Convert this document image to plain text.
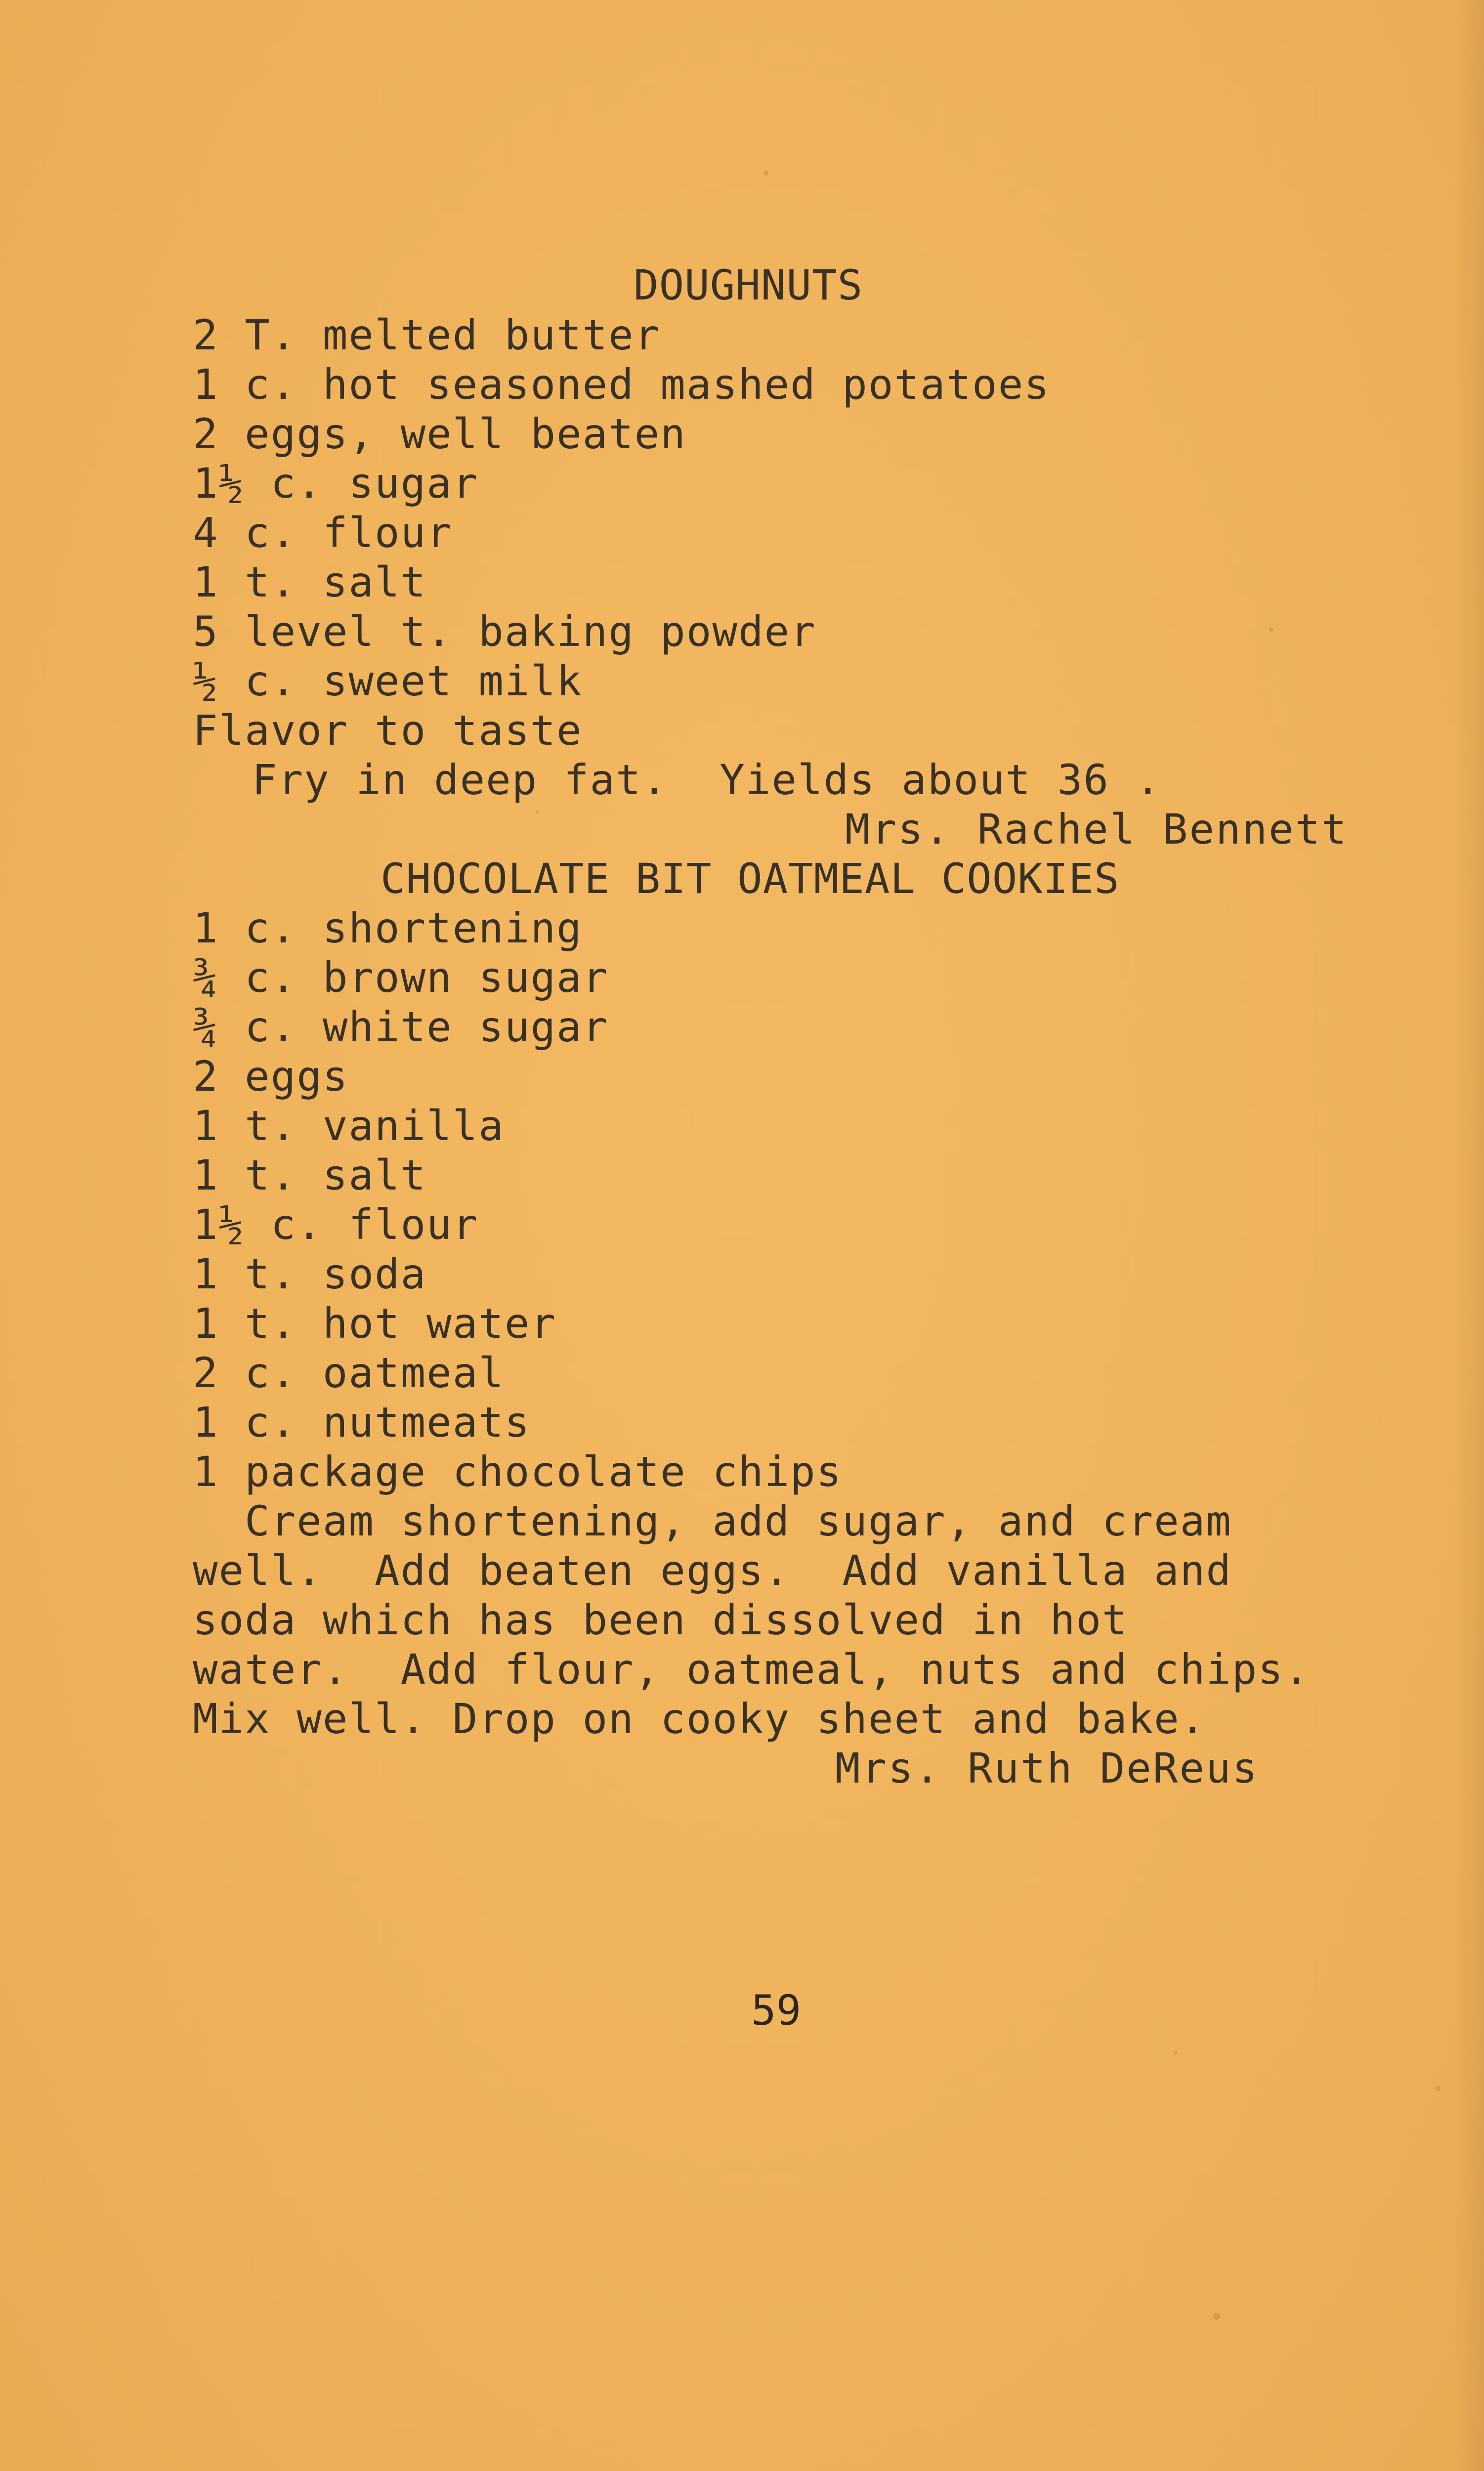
DOUGHNUTS

2 T. melted butter

1 c. hot seasoned mashed potatoes

2 eggs, well beaten

1½ c. sugar

4 c. flour

1 t. salt

5 level t. baking powder

½ c. sweet milk

Flavor to taste

Fry in deep fat.  Yields about 36 .

Mrs. Rachel Bennett

CHOCOLATE BIT OATMEAL COOKIES

1 c. shortening

¾ c. brown sugar

¾ c. white sugar

2 eggs

1 t. vanilla

1 t. salt

1½ c. flour

1 t. soda

1 t. hot water

2 c. oatmeal

1 c. nutmeats

1 package chocolate chips

Cream shortening, add sugar, and cream

well.  Add beaten eggs.  Add vanilla and

soda which has been dissolved in hot

water.  Add flour, oatmeal, nuts and chips.

Mix well. Drop on cooky sheet and bake.

Mrs. Ruth DeReus

59
